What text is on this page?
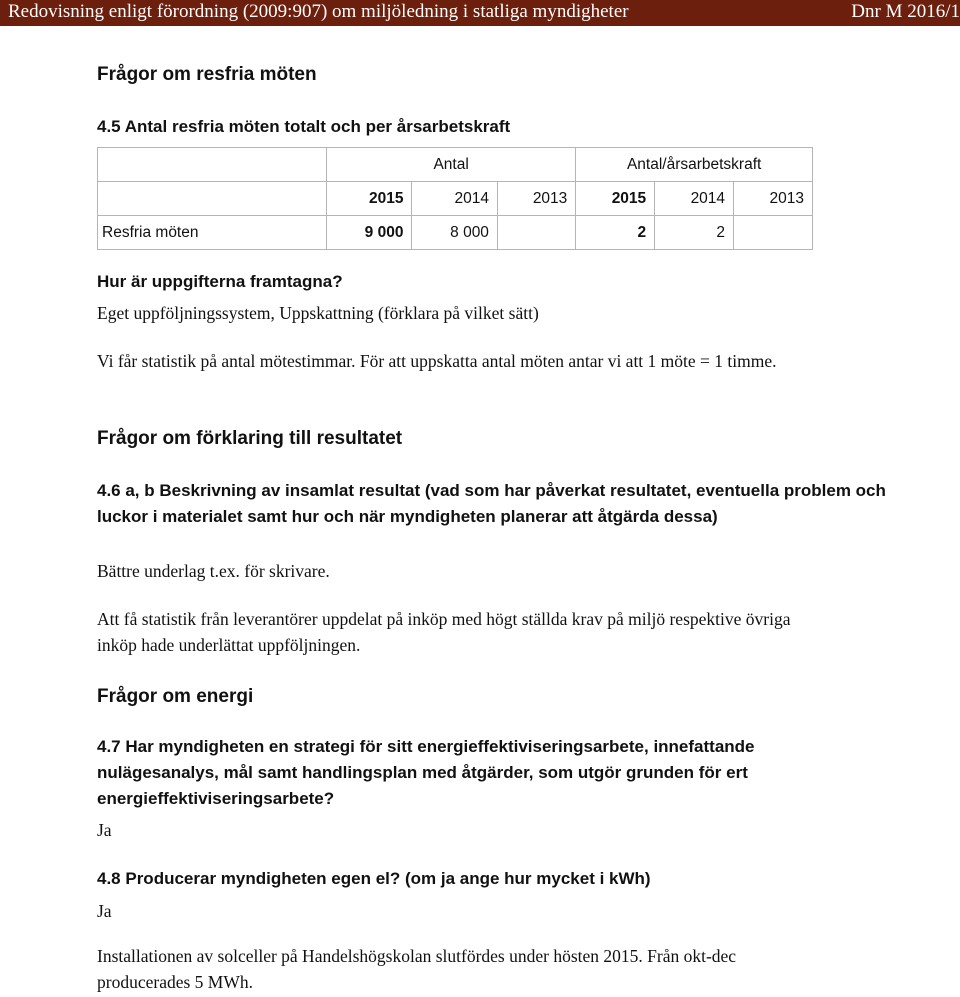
Redovisning enligt förordning (2009:907) om miljöledning i statliga myndigheter	Dnr M 2016/1
Frågor om resfria möten
4.5 Antal resfria möten totalt och per årsarbetskraft
	Antal			Antal/årsarbetskraft		
	2015	2014	2013	2015	2014	2013
Resfria möten	9 000	8 000		2	2	
Hur är uppgifterna framtagna?
Eget uppföljningssystem, Uppskattning (förklara på vilket sätt)
Vi får statistik på antal mötestimmar. För att uppskatta antal möten antar vi att 1 möte = 1 timme.
Frågor om förklaring till resultatet
4.6 a, b Beskrivning av insamlat resultat (vad som har påverkat resultatet, eventuella problem och luckor i materialet samt hur och när myndigheten planerar att åtgärda dessa)
Bättre underlag t.ex. för skrivare.
Att få statistik från leverantörer uppdelat på inköp med högt ställda krav på miljö respektive övriga inköp hade underlättat uppföljningen.
Frågor om energi
4.7 Har myndigheten en strategi för sitt energieffektiviseringsarbete, innefattande nulägesanalys, mål samt handlingsplan med åtgärder, som utgör grunden för ert energieffektiviseringsarbete?
Ja
4.8 Producerar myndigheten egen el? (om ja ange hur mycket i kWh)
Ja
Installationen av solceller på Handelshögskolan slutfördes under hösten 2015. Från okt-dec producerades 5 MWh.
